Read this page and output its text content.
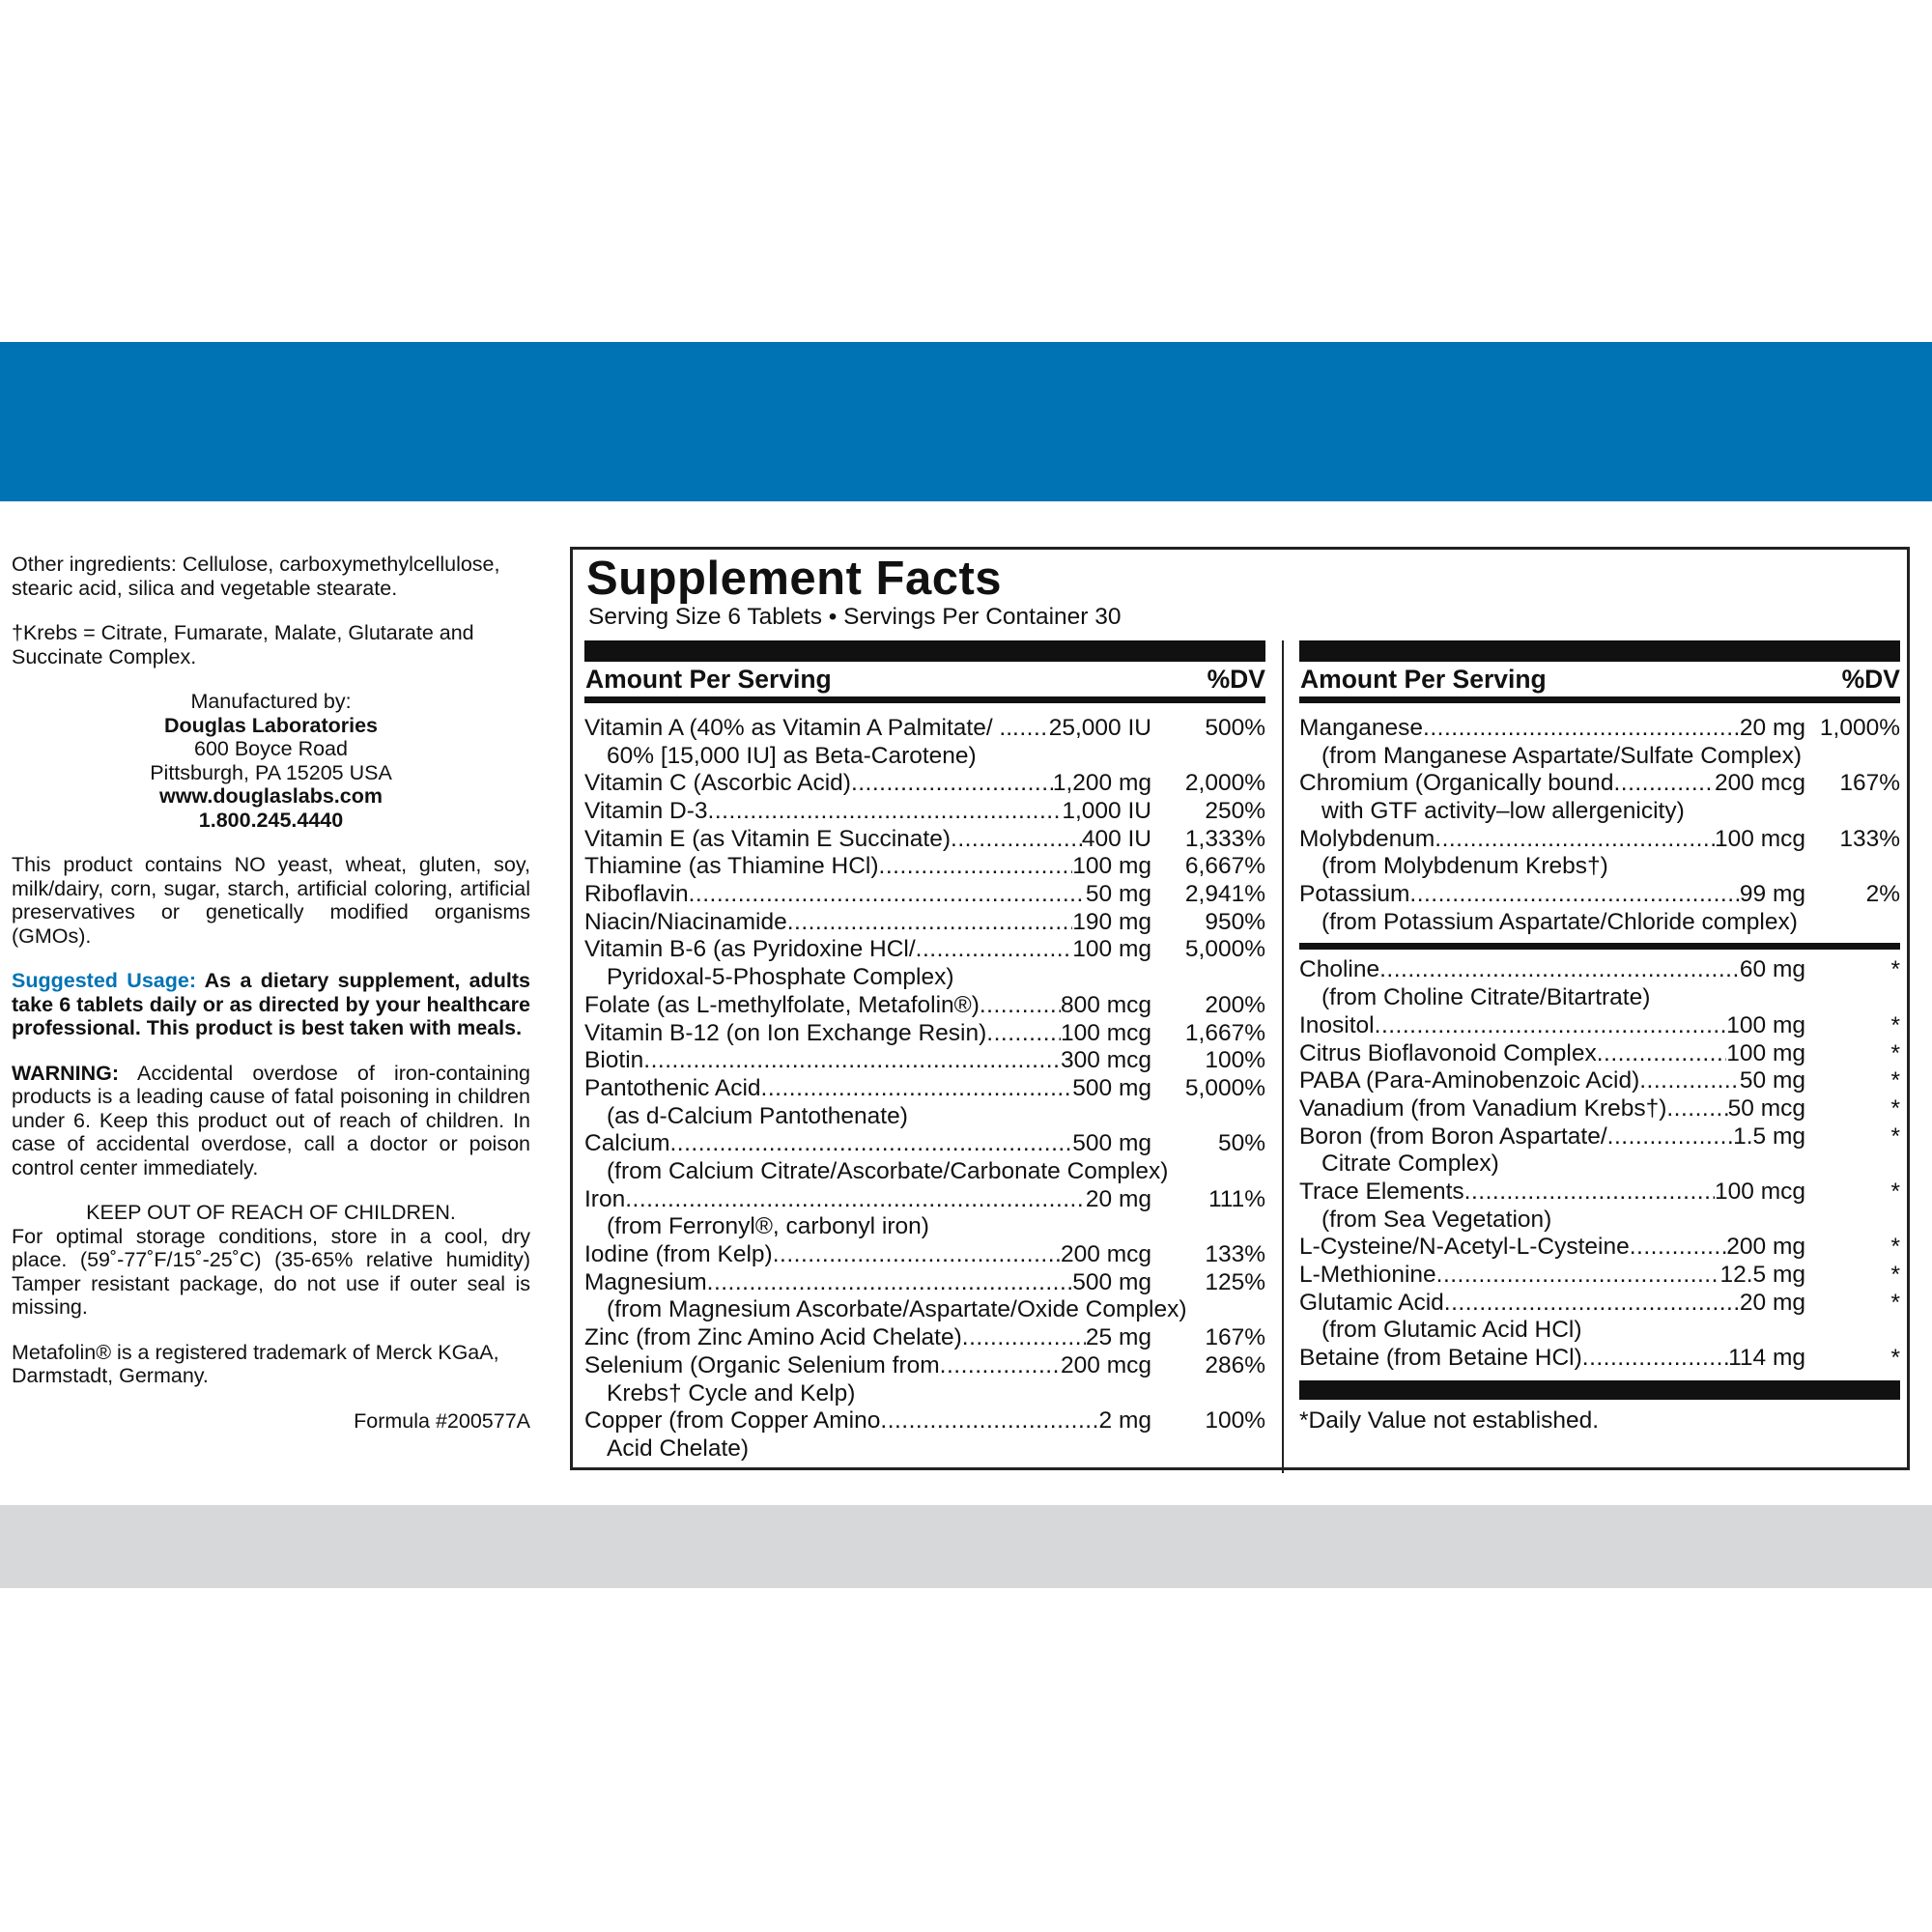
Other ingredients: Cellulose, carboxymethylcellulose, stearic acid, silica and vegetable stearate.

†Krebs = Citrate, Fumarate, Malate, Glutarate and Succinate Complex.

Manufactured by:

Douglas Laboratories

600 Boyce Road

Pittsburgh, PA 15205 USA

www.douglaslabs.com

1.800.245.4440

This product contains NO yeast, wheat, gluten, soy, milk/dairy, corn, sugar, starch, artificial coloring, artificial preservatives or genetically modified organisms (GMOs).

Suggested Usage: As a dietary supplement, adults take 6 tablets daily or as directed by your healthcare professional. This product is best taken with meals.

WARNING: Accidental overdose of iron-containing products is a leading cause of fatal poisoning in children under 6. Keep this product out of reach of children. In case of accidental overdose, call a doctor or poison control center immediately.

KEEP OUT OF REACH OF CHILDREN.

For optimal storage conditions, store in a cool, dry place. (59˚-77˚F/15˚-25˚C) (35-65% relative humidity) Tamper resistant package, do not use if outer seal is missing.

Metafolin® is a registered trademark of Merck KGaA, Darmstadt, Germany.

Formula #200577A

Supplement Facts
Serving Size 6 Tablets • Servings Per Container 30
Amount Per Serving	%DV
Vitamin A (40% as Vitamin A Palmitate/ .. ..... 25,000 IU	500%
60% [15,000 IU] as Beta-Carotene)
Vitamin C (Ascorbic Acid) .....	1,200 mg	2,000%
Vitamin D-3 .....	1,000 IU	250%
Vitamin E (as Vitamin E Succinate) .....	400 IU	1,333%
Thiamine (as Thiamine HCl) .....	100 mg	6,667%
Riboflavin .....	50 mg	2,941%
Niacin/Niacinamide .....	190 mg	950%
Vitamin B-6 (as Pyridoxine HCl/ .....	100 mg	5,000%
Pyridoxal-5-Phosphate Complex)
Folate (as L-methylfolate, Metafolin®) .....	800 mcg	200%
Vitamin B-12 (on Ion Exchange Resin) .....	100 mcg	1,667%
Biotin .....	300 mcg	100%
Pantothenic Acid .....	500 mg	5,000%
(as d-Calcium Pantothenate)
Calcium .....	500 mg	50%
(from Calcium Citrate/Ascorbate/Carbonate Complex)
Iron .....	20 mg	111%
(from Ferronyl®, carbonyl iron)
Iodine (from Kelp) .....	200 mcg	133%
Magnesium .....	500 mg	125%
(from Magnesium Ascorbate/Aspartate/Oxide Complex)
Zinc (from Zinc Amino Acid Chelate) .....	25 mg	167%
Selenium (Organic Selenium from .....	200 mcg	286%
Krebs† Cycle and Kelp)
Copper (from Copper Amino .....	2 mg	100%
Acid Chelate)
Amount Per Serving	%DV
Manganese .....	20 mg 1,000%
(from Manganese Aspartate/Sulfate Complex)
Chromium (Organically bound .....	200 mcg	167%
with GTF activity–low allergenicity)
Molybdenum .....	100 mcg	133%
(from Molybdenum Krebs†)
Potassium .....	99 mg	2%
(from Potassium Aspartate/Chloride complex)
Choline .....	60 mg	*
(from Choline Citrate/Bitartrate)
Inositol .....	100 mg	*
Citrus Bioflavonoid Complex .....	100 mg	*
PABA (Para-Aminobenzoic Acid) .....	50 mg	*
Vanadium (from Vanadium Krebs†) .....	50 mcg	*
Boron (from Boron Aspartate/ .....	1.5 mg	*
Citrate Complex)
Trace Elements .....	100 mcg	*
(from Sea Vegetation)
L-Cysteine/N-Acetyl-L-Cysteine .....	200 mg	*
L-Methionine .....	12.5 mg	*
Glutamic Acid .....	20 mg	*
(from Glutamic Acid HCl)
Betaine (from Betaine HCl) .....	114 mg	*
*Daily Value not established.
